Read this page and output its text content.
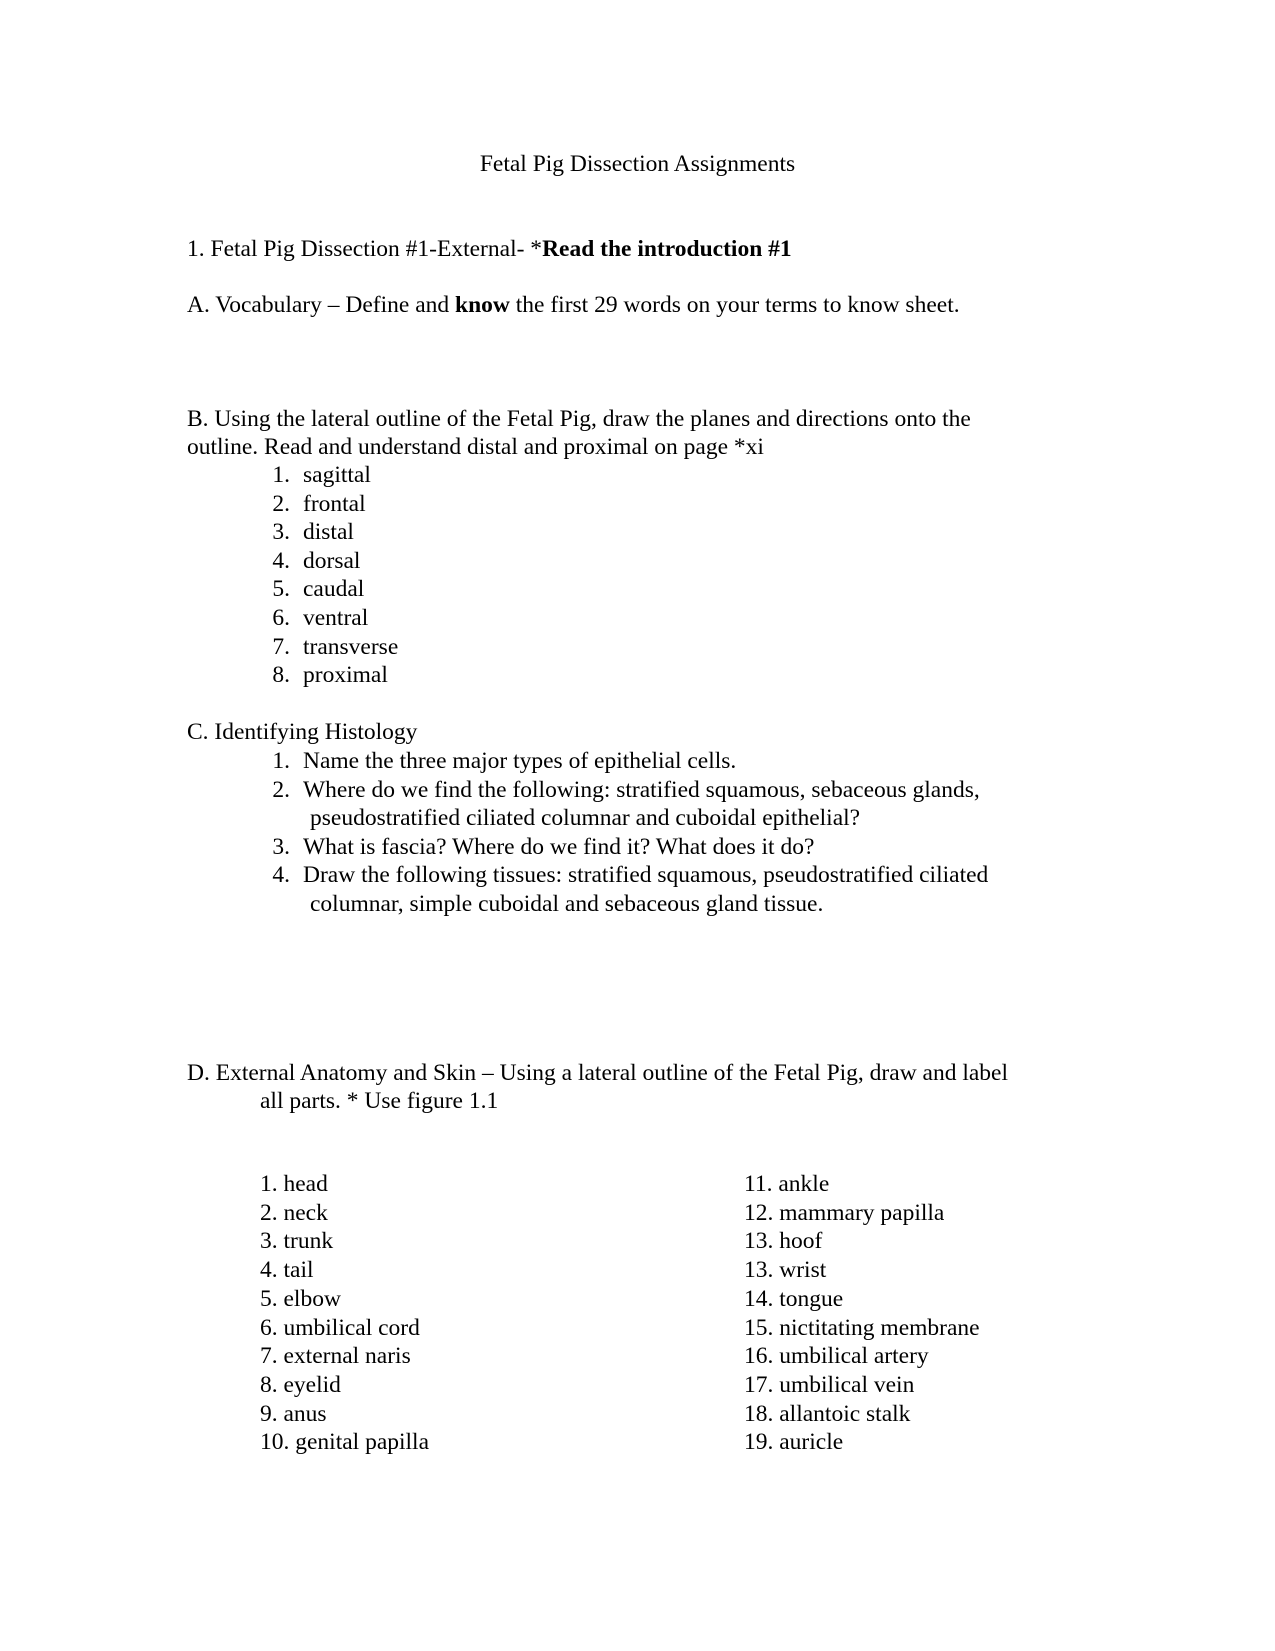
Fetal Pig Dissection Assignments
1. Fetal Pig Dissection #1-External- *Read the introduction #1
A. Vocabulary – Define and know the first 29 words on your terms to know sheet.
B. Using the lateral outline of the Fetal Pig, draw the planes and directions onto the
outline. Read and understand distal and proximal on page *xi
1. sagittal
2. frontal
3. distal
4. dorsal
5. caudal
6. ventral
7. transverse
8. proximal
C. Identifying Histology
1. Name the three major types of epithelial cells.
2. Where do we find the following: stratified squamous, sebaceous glands,
pseudostratified ciliated columnar and cuboidal epithelial?
3. What is fascia? Where do we find it? What does it do?
4. Draw the following tissues: stratified squamous, pseudostratified ciliated
columnar, simple cuboidal and sebaceous gland tissue.
D. External Anatomy and Skin – Using a lateral outline of the Fetal Pig, draw and label
all parts. * Use figure 1.1
1. head
2. neck
3. trunk
4. tail
5. elbow
6. umbilical cord
7. external naris
8. eyelid
9. anus
10. genital papilla
11. ankle
12. mammary papilla
13. hoof
13. wrist
14. tongue
15. nictitating membrane
16. umbilical artery
17. umbilical vein
18. allantoic stalk
19. auricle
